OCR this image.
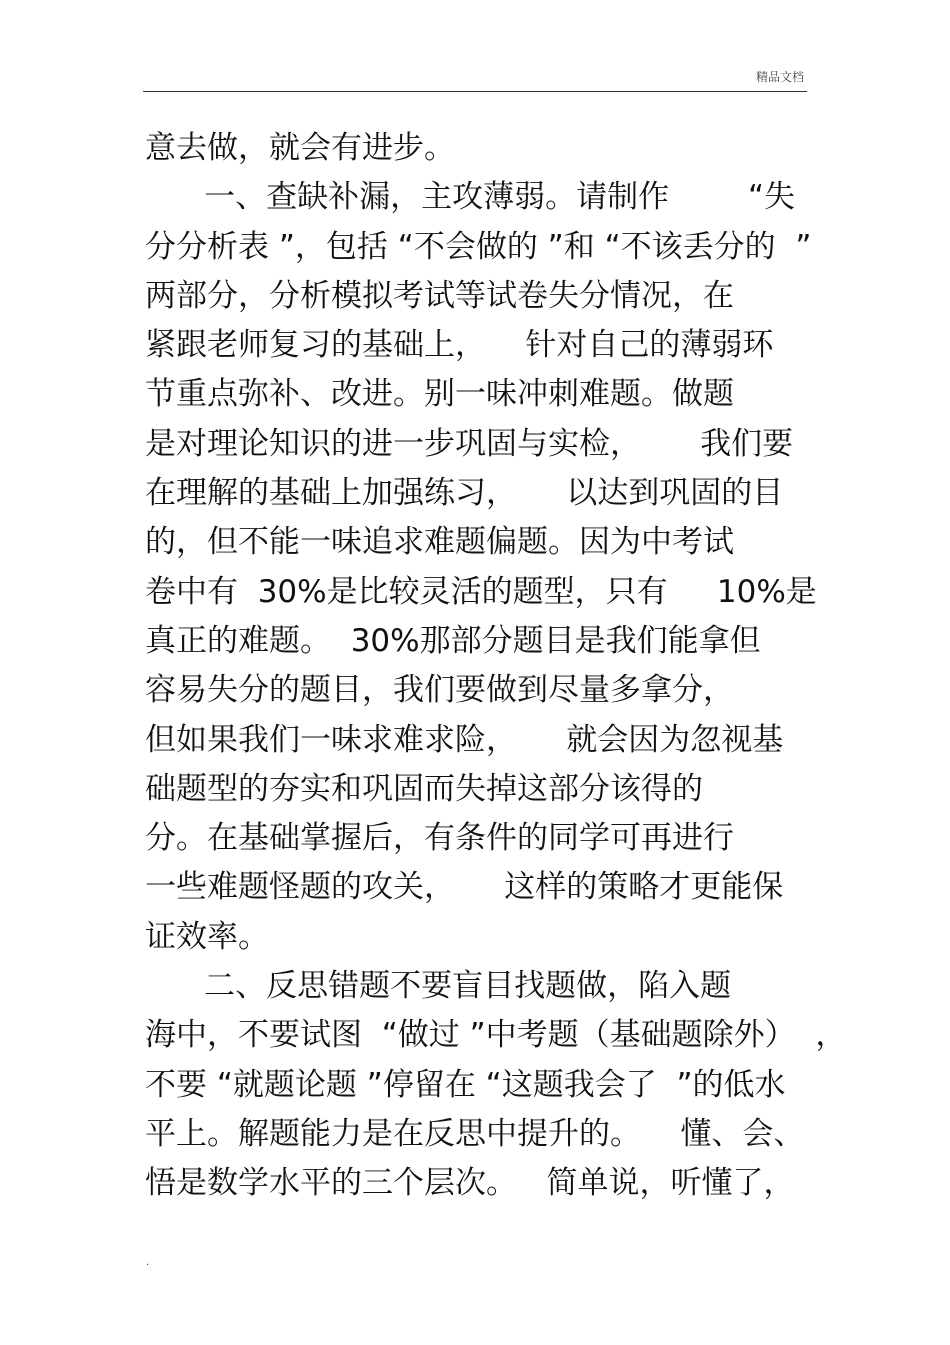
精品文档
意去做，就会有进步。
一、查缺补漏，主攻薄弱。请制作        “失
分分析表 ”，包括 “不会做的 ”和 “不该丢分的  ”
两部分，分析模拟考试等试卷失分情况，在
紧跟老师复习的基础上，    针对自己的薄弱环
节重点弥补、改进。别一味冲刺难题。做题
是对理论知识的进一步巩固与实检，      我们要
在理解的基础上加强练习，     以达到巩固的目
的，但不能一味追求难题偏题。因为中考试
卷中有  30%是比较灵活的题型，只有     10%是
真正的难题。  30%那部分题目是我们能拿但
容易失分的题目，我们要做到尽量多拿分，
但如果我们一味求难求险，     就会因为忽视基
础题型的夯实和巩固而失掉这部分该得的
分。在基础掌握后，有条件的同学可再进行
一些难题怪题的攻关，     这样的策略才更能保
证效率。
二、反思错题不要盲目找题做，陷入题
海中，不要试图  “做过 ”中考题（基础题除外）  ，
不要 “就题论题 ”停留在 “这题我会了  ”的低水
平上。解题能力是在反思中提升的。    懂、会、
悟是数学水平的三个层次。   简单说，听懂了，
.
